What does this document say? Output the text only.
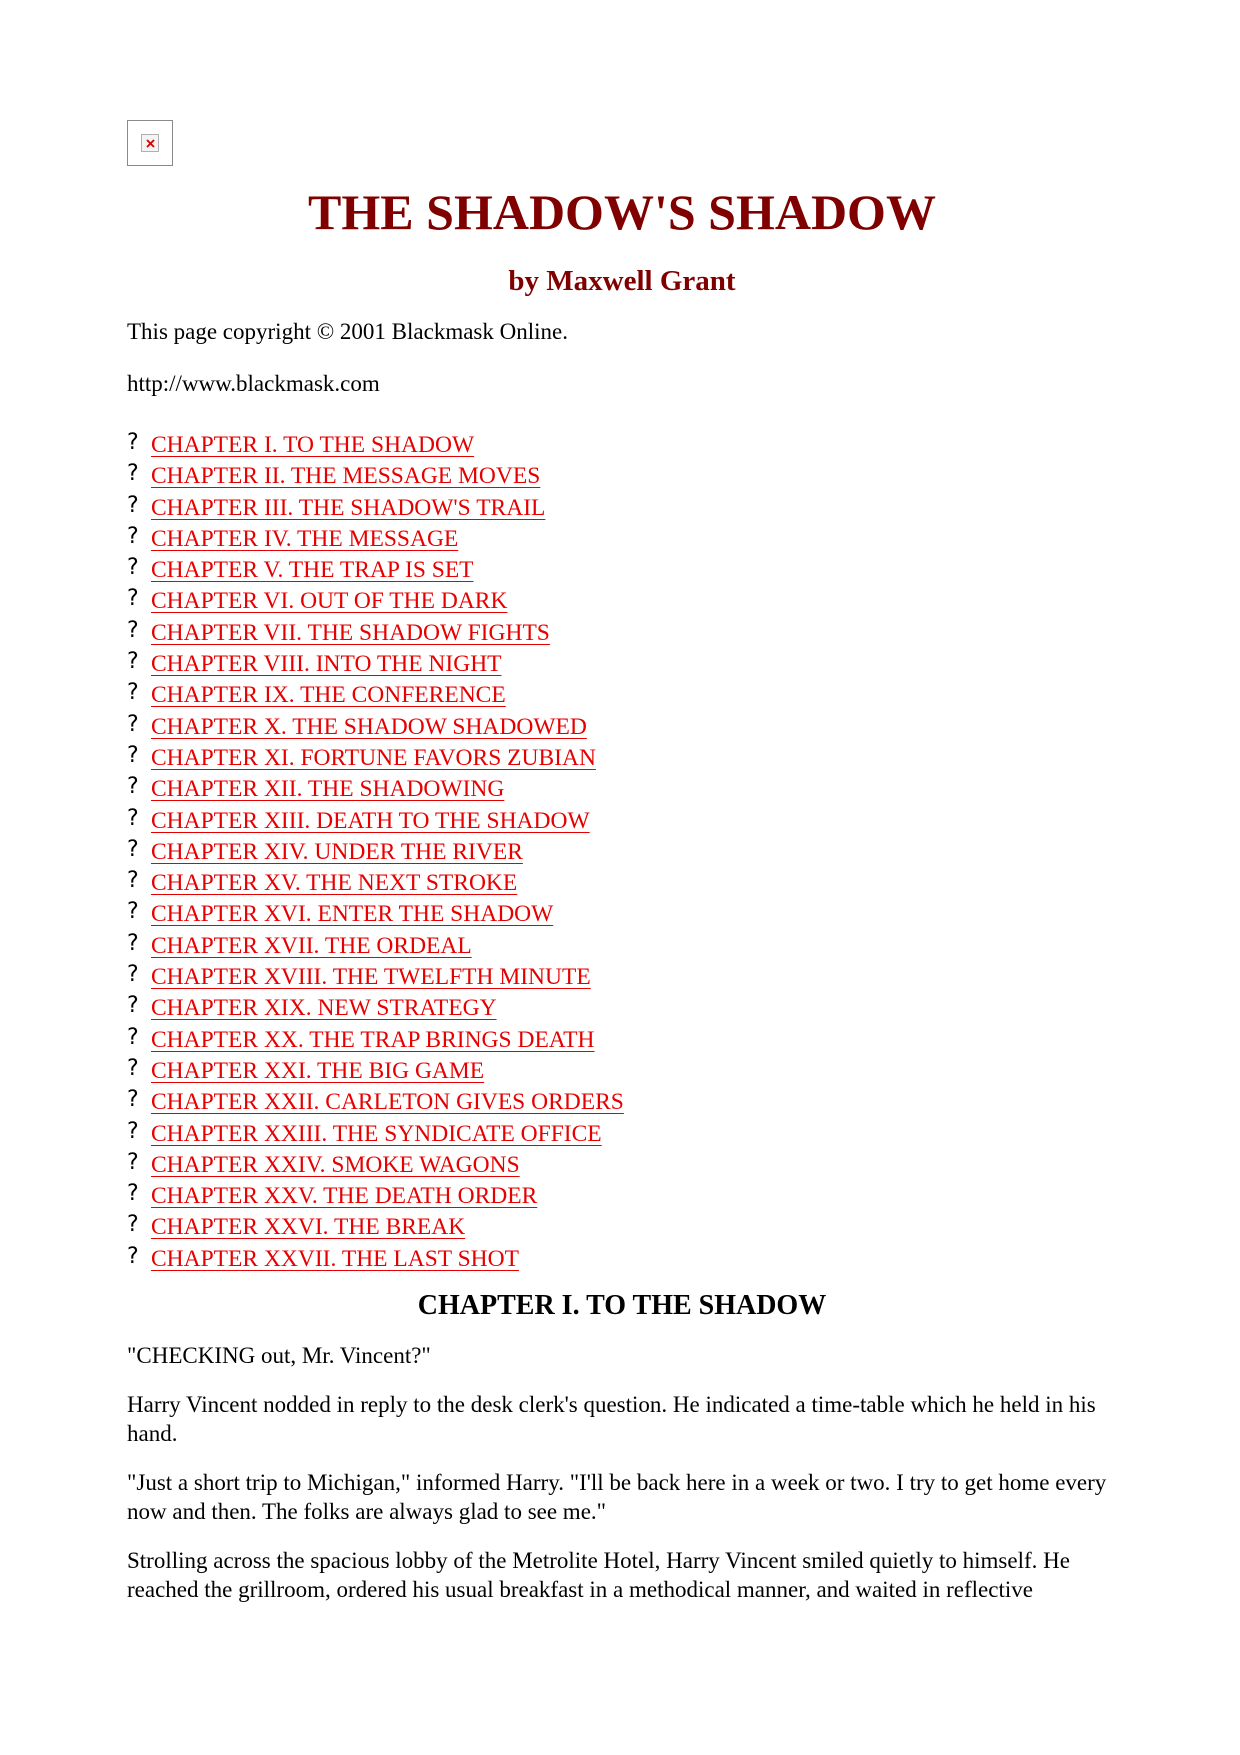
THE SHADOW'S SHADOW
by Maxwell Grant

This page copyright © 2001 Blackmask Online.

http://www.blackmask.com

? CHAPTER I. TO THE SHADOW
? CHAPTER II. THE MESSAGE MOVES
? CHAPTER III. THE SHADOW'S TRAIL
? CHAPTER IV. THE MESSAGE
? CHAPTER V. THE TRAP IS SET
? CHAPTER VI. OUT OF THE DARK
? CHAPTER VII. THE SHADOW FIGHTS
? CHAPTER VIII. INTO THE NIGHT
? CHAPTER IX. THE CONFERENCE
? CHAPTER X. THE SHADOW SHADOWED
? CHAPTER XI. FORTUNE FAVORS ZUBIAN
? CHAPTER XII. THE SHADOWING
? CHAPTER XIII. DEATH TO THE SHADOW
? CHAPTER XIV. UNDER THE RIVER
? CHAPTER XV. THE NEXT STROKE
? CHAPTER XVI. ENTER THE SHADOW
? CHAPTER XVII. THE ORDEAL
? CHAPTER XVIII. THE TWELFTH MINUTE
? CHAPTER XIX. NEW STRATEGY
? CHAPTER XX. THE TRAP BRINGS DEATH
? CHAPTER XXI. THE BIG GAME
? CHAPTER XXII. CARLETON GIVES ORDERS
? CHAPTER XXIII. THE SYNDICATE OFFICE
? CHAPTER XXIV. SMOKE WAGONS
? CHAPTER XXV. THE DEATH ORDER
? CHAPTER XXVI. THE BREAK
? CHAPTER XXVII. THE LAST SHOT
CHAPTER I. TO THE SHADOW

"CHECKING out, Mr. Vincent?"

Harry Vincent nodded in reply to the desk clerk's question. He indicated a time-table which he held in his hand.

"Just a short trip to Michigan," informed Harry. "I'll be back here in a week or two. I try to get home every now and then. The folks are always glad to see me."

Strolling across the spacious lobby of the Metrolite Hotel, Harry Vincent smiled quietly to himself. He reached the grillroom, ordered his usual breakfast in a methodical manner, and waited in reflective
